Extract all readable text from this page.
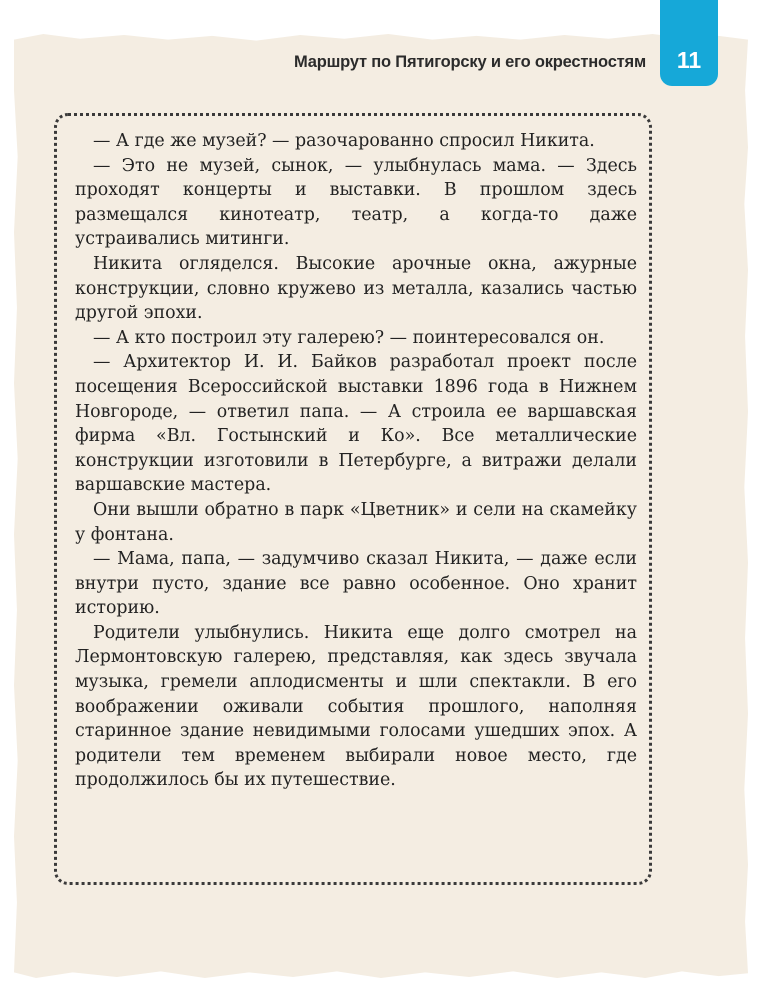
Маршрут по Пятигорску и его окрестностям	11

— А где же музей? — разочарованно спросил Никита.

— Это не музей, сынок, — улыбнулась мама. — Здесь проходят концерты и выставки. В прошлом здесь размещался кинотеатр, театр, а когда-то даже устраивались митинги.

Никита огляделся. Высокие арочные окна, ажурные конструкции, словно кружево из металла, казались частью другой эпохи.

— А кто построил эту галерею? — поинтересовался он.

— Архитектор И. И. Байков разработал проект после посещения Всероссийской выставки 1896 года в Нижнем Новгороде, — ответил папа. — А строила ее варшавская фирма «Вл. Гостынский и Ко». Все металлические конструкции изготовили в Петербурге, а витражи делали варшавские мастера.

Они вышли обратно в парк «Цветник» и сели на скамейку у фонтана.

— Мама, папа, — задумчиво сказал Никита, — даже если внутри пусто, здание все равно особенное. Оно хранит историю.

Родители улыбнулись. Никита еще долго смотрел на Лермонтовскую галерею, представляя, как здесь звучала музыка, гремели аплодисменты и шли спектакли. В его воображении оживали события прошлого, наполняя старинное здание невидимыми голосами ушедших эпох. А родители тем временем выбирали новое место, где продолжилось бы их путешествие.
